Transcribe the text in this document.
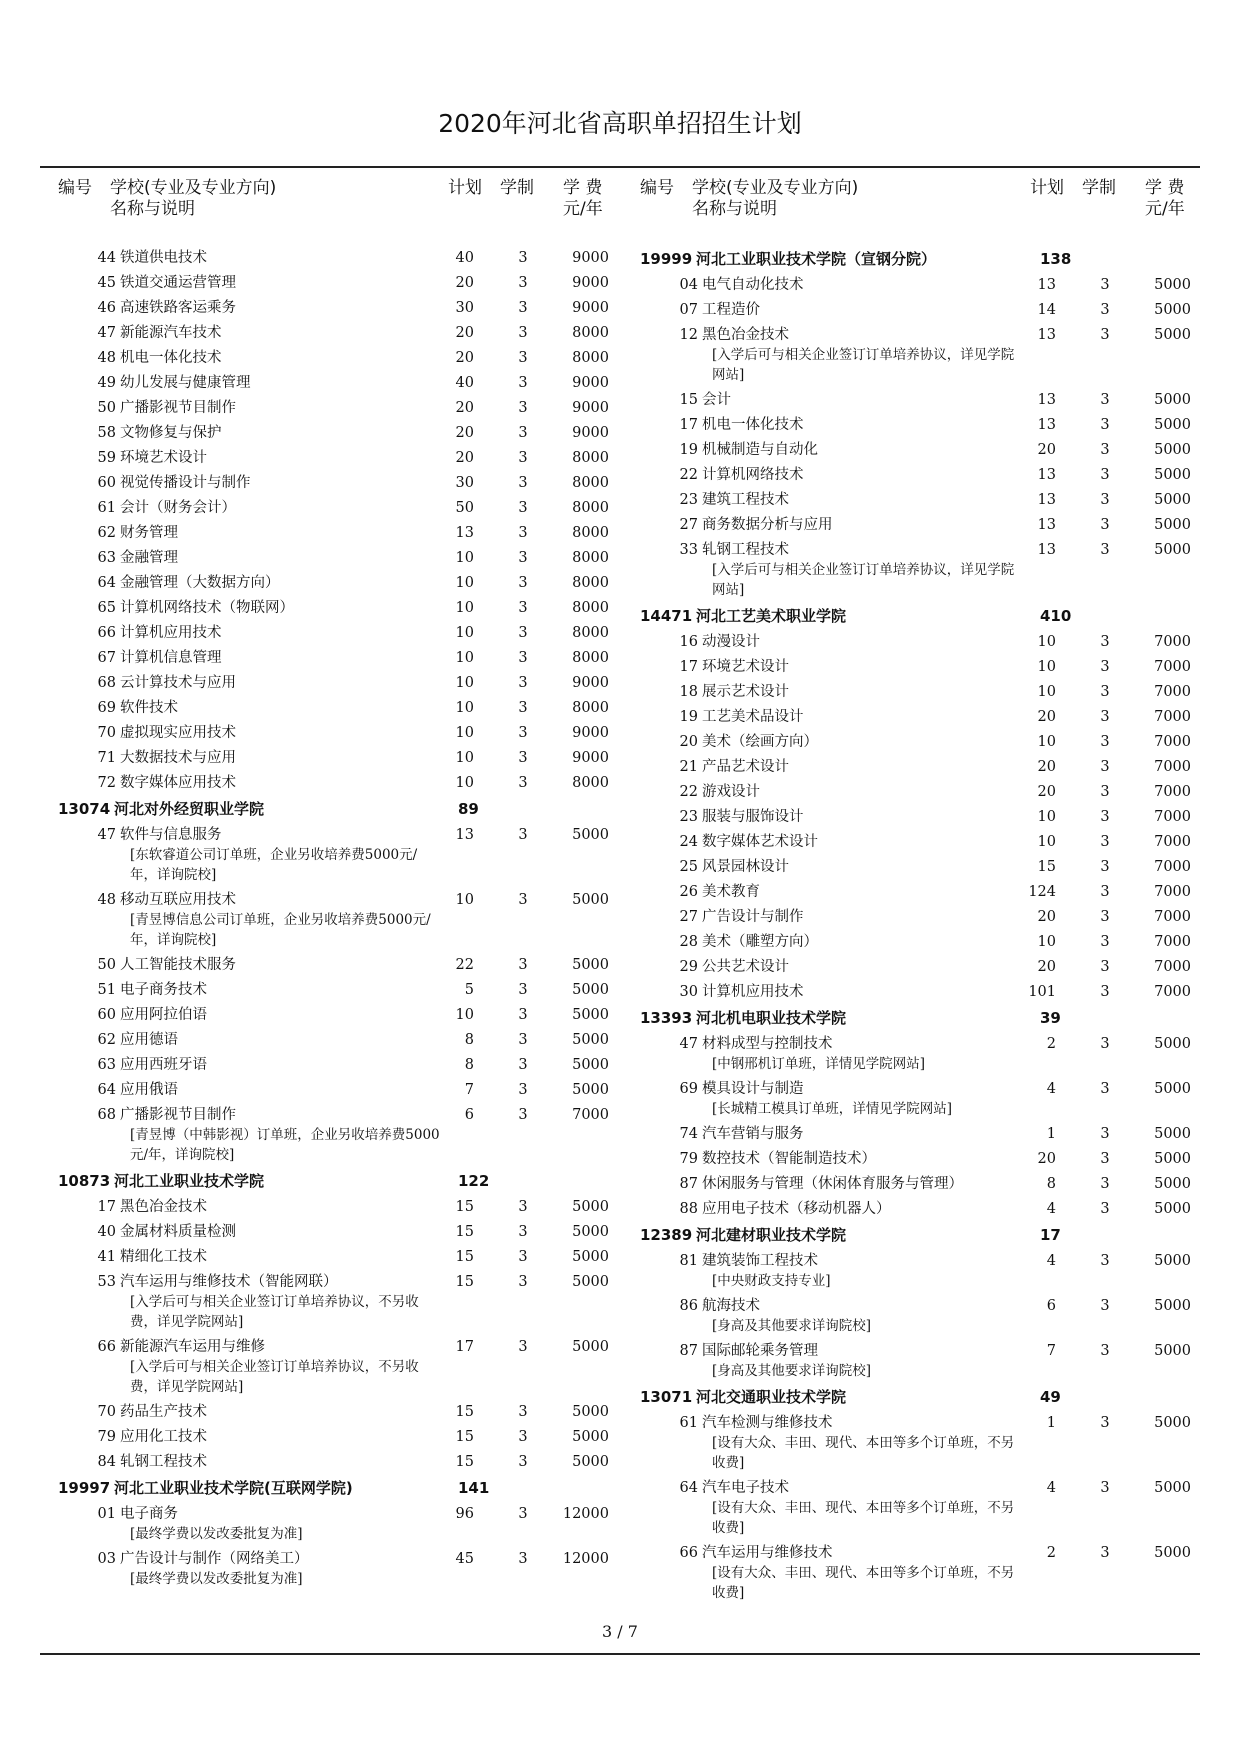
2020年河北省高职单招招生计划
编号 学校(专业及专业方向)
名称与说明
计划 学制 学 费
元/年
编号 学校(专业及专业方向)
名称与说明
计划 学制 学 费
元/年
44 铁道供电技术	40	3	9000
45 铁道交通运营管理	20	3	9000
46 高速铁路客运乘务	30	3	9000
47 新能源汽车技术	20	3	8000
48 机电一体化技术	20	3	8000
49 幼儿发展与健康管理	40	3	9000
50 广播影视节目制作	20	3	9000
58 文物修复与保护	20	3	9000
59 环境艺术设计	20	3	8000
60 视觉传播设计与制作	30	3	8000
61 会计（财务会计）	50	3	8000
62 财务管理	13	3	8000
63 金融管理	10	3	8000
64 金融管理（大数据方向）	10	3	8000
65 计算机网络技术（物联网）	10	3	8000
66 计算机应用技术	10	3	8000
67 计算机信息管理	10	3	8000
68 云计算技术与应用	10	3	9000
69 软件技术	10	3	8000
70 虚拟现实应用技术	10	3	9000
71 大数据技术与应用	10	3	9000
72 数字媒体应用技术	10	3	8000
13074 河北对外经贸职业学院	89
47 软件与信息服务	13	3	5000
[东软睿道公司订单班，企业另收培养费5000元/年，详询院校]
48 移动互联应用技术	10	3	5000
[青昱博信息公司订单班，企业另收培养费5000元/年，详询院校]
50 人工智能技术服务	22	3	5000
51 电子商务技术	5	3	5000
60 应用阿拉伯语	10	3	5000
62 应用德语	8	3	5000
63 应用西班牙语	8	3	5000
64 应用俄语	7	3	5000
68 广播影视节目制作	6	3	7000
[青昱博（中韩影视）订单班，企业另收培养费5000元/年，详询院校]
10873 河北工业职业技术学院	122
17 黑色冶金技术	15	3	5000
40 金属材料质量检测	15	3	5000
41 精细化工技术	15	3	5000
53 汽车运用与维修技术（智能网联）	15	3	5000
[入学后可与相关企业签订订单培养协议，不另收费，详见学院网站]
66 新能源汽车运用与维修	17	3	5000
[入学后可与相关企业签订订单培养协议，不另收费，详见学院网站]
70 药品生产技术	15	3	5000
79 应用化工技术	15	3	5000
84 轧钢工程技术	15	3	5000
19997 河北工业职业技术学院(互联网学院)	141
01 电子商务	96	3	12000
[最终学费以发改委批复为准]
03 广告设计与制作（网络美工）	45	3	12000
[最终学费以发改委批复为准]
19999 河北工业职业技术学院（宣钢分院）	138
04 电气自动化技术	13	3	5000
07 工程造价	14	3	5000
12 黑色冶金技术	13	3	5000
[入学后可与相关企业签订订单培养协议，详见学院网站]
15 会计	13	3	5000
17 机电一体化技术	13	3	5000
19 机械制造与自动化	20	3	5000
22 计算机网络技术	13	3	5000
23 建筑工程技术	13	3	5000
27 商务数据分析与应用	13	3	5000
33 轧钢工程技术	13	3	5000
[入学后可与相关企业签订订单培养协议，详见学院网站]
14471 河北工艺美术职业学院	410
16 动漫设计	10	3	7000
17 环境艺术设计	10	3	7000
18 展示艺术设计	10	3	7000
19 工艺美术品设计	20	3	7000
20 美术（绘画方向）	10	3	7000
21 产品艺术设计	20	3	7000
22 游戏设计	20	3	7000
23 服装与服饰设计	10	3	7000
24 数字媒体艺术设计	10	3	7000
25 风景园林设计	15	3	7000
26 美术教育	124	3	7000
27 广告设计与制作	20	3	7000
28 美术（雕塑方向）	10	3	7000
29 公共艺术设计	20	3	7000
30 计算机应用技术	101	3	7000
13393 河北机电职业技术学院	39
47 材料成型与控制技术	2	3	5000
[中钢邢机订单班，详情见学院网站]
69 模具设计与制造	4	3	5000
[长城精工模具订单班，详情见学院网站]
74 汽车营销与服务	1	3	5000
79 数控技术（智能制造技术）	20	3	5000
87 休闲服务与管理（休闲体育服务与管理）	8	3	5000
88 应用电子技术（移动机器人）	4	3	5000
12389 河北建材职业技术学院	17
81 建筑装饰工程技术	4	3	5000
[中央财政支持专业]
86 航海技术	6	3	5000
[身高及其他要求详询院校]
87 国际邮轮乘务管理	7	3	5000
[身高及其他要求详询院校]
13071 河北交通职业技术学院	49
61 汽车检测与维修技术	1	3	5000
[设有大众、丰田、现代、本田等多个订单班，不另收费]
64 汽车电子技术	4	3	5000
[设有大众、丰田、现代、本田等多个订单班，不另收费]
66 汽车运用与维修技术	2	3	5000
[设有大众、丰田、现代、本田等多个订单班，不另收费]
3 / 7
